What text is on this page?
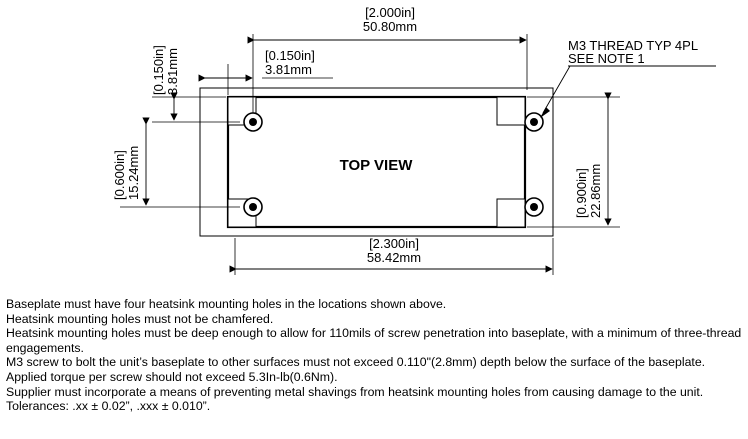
[2.000in]
50.80mm
[0.150in]
3.81mm
[0.150in] 3.81mm
[0.600in] 15.24mm	[0.900in] 22.86mm
[2.300in]
58.42mm
M3 THREAD TYP 4PL
SEE NOTE 1
TOP VIEW
Baseplate must have four heatsink mounting holes in the locations shown above.
Heatsink mounting holes must not be chamfered.
Heatsink mounting holes must be deep enough to allow for 110mils of screw penetration into baseplate, with a minimum of three-thread engagements.
M3 screw to bolt the unit’s baseplate to other surfaces must not exceed 0.110"(2.8mm) depth below the surface of the baseplate.
Applied torque per screw should not exceed 5.3In-lb(0.6Nm).
Supplier must incorporate a means of preventing metal shavings from heatsink mounting holes from causing damage to the unit.
Tolerances: .xx ± 0.02”, .xxx ± 0.010”.
